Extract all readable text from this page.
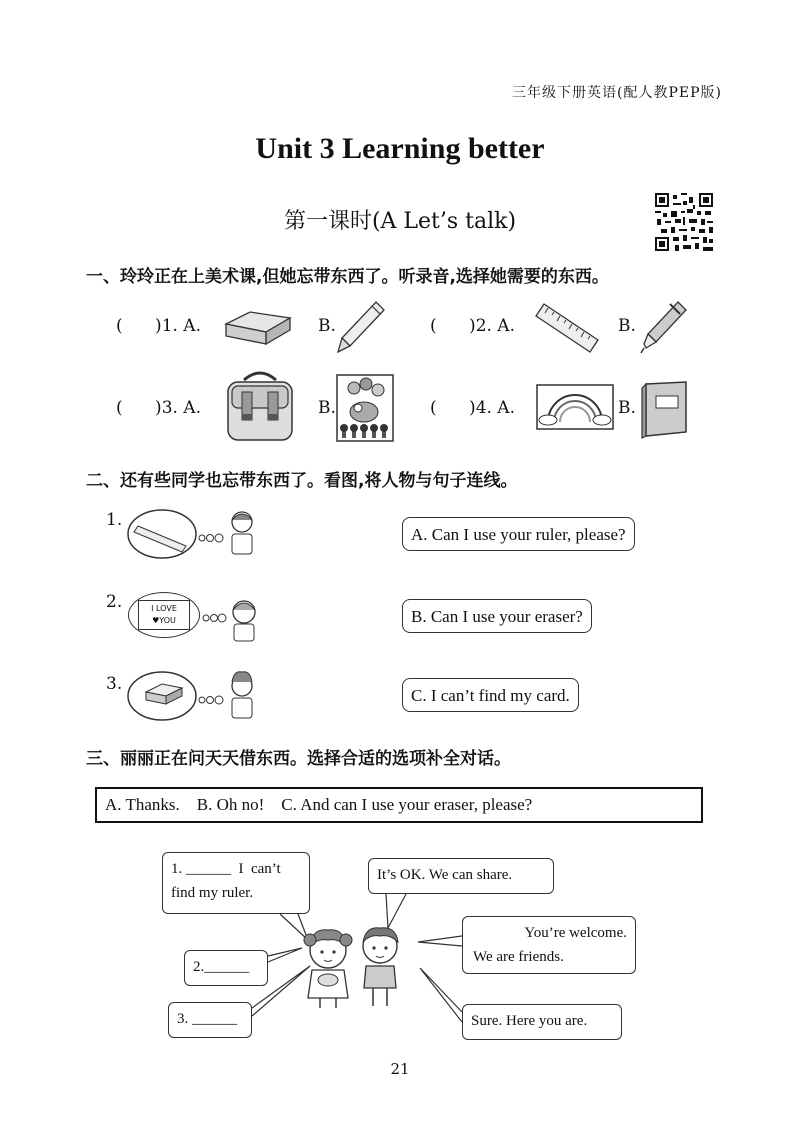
三年级下册英语(配人教PEP版)
Unit 3 Learning better
第一课时(A Let’s talk)
一、玲玲正在上美术课,但她忘带东西了。听录音,选择她需要的东西。
(      )1. A.	B.	(      )2. A.	B.
(      )3. A.	B.	(      )4. A.	B.
二、还有些同学也忘带东西了。看图,将人物与句子连线。
1.
2.	I LOVE ♥YOU
3.
A. Can I use your ruler, please?
B. Can I use your eraser?
C. I can’t find my card.
三、丽丽正在问天天借东西。选择合适的选项补全对话。
A. Thanks.    B. Oh no!    C. And can I use your eraser, please?
1. ______  I  can’t
find my ruler.
2.______
3. ______
It’s OK. We can share.
You’re welcome.
We are friends.
Sure. Here you are.
21
